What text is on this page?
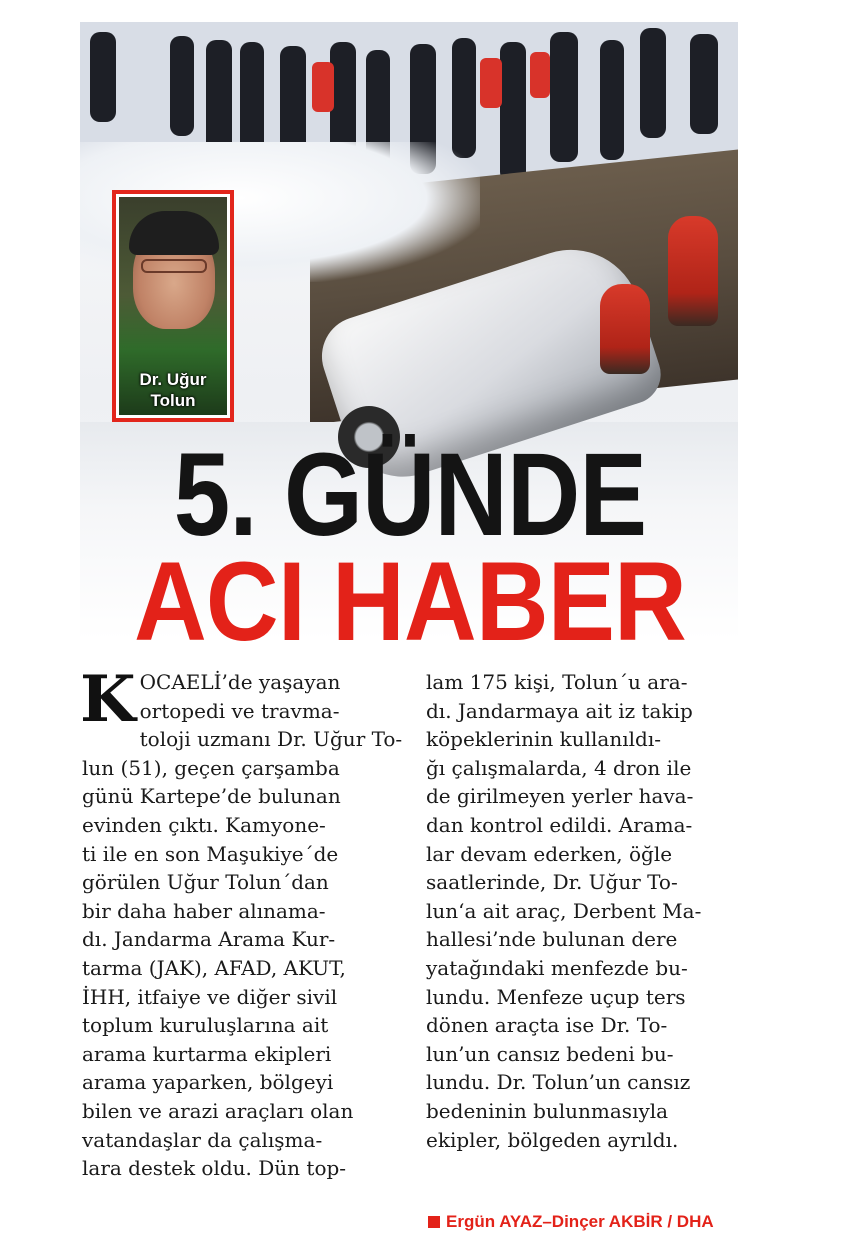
Dr. Uğur
Tolun
5. GÜNDE
ACI HABER
K OCAELİ’de yaşayan
ortopedi ve travma-
toloji uzmanı Dr. Uğur To-
lun (51), geçen çarşamba
günü Kartepe’de bulunan
evinden çıktı. Kamyone-
ti ile en son Maşukiye´de
görülen Uğur Tolun´dan
bir daha haber alınama-
dı. Jandarma Arama Kur-
tarma (JAK), AFAD, AKUT,
İHH, itfaiye ve diğer sivil
toplum kuruluşlarına ait
arama kurtarma ekipleri
arama yaparken, bölgeyi
bilen ve arazi araçları olan
vatandaşlar da çalışma-
lara destek oldu. Dün top-
lam 175 kişi, Tolun´u ara-
dı. Jandarmaya ait iz takip
köpeklerinin kullanıldı-
ğı çalışmalarda, 4 dron ile
de girilmeyen yerler hava-
dan kontrol edildi. Arama-
lar devam ederken, öğle
saatlerinde, Dr. Uğur To-
lun‘a ait araç, Derbent Ma-
hallesi’nde bulunan dere
yatağındaki menfezde bu-
lundu. Menfeze uçup ters
dönen araçta ise Dr. To-
lun’un cansız bedeni bu-
lundu. Dr. Tolun’un cansız
bedeninin bulunmasıyla
ekipler, bölgeden ayrıldı.
Ergün AYAZ–Dinçer AKBİR / DHA
